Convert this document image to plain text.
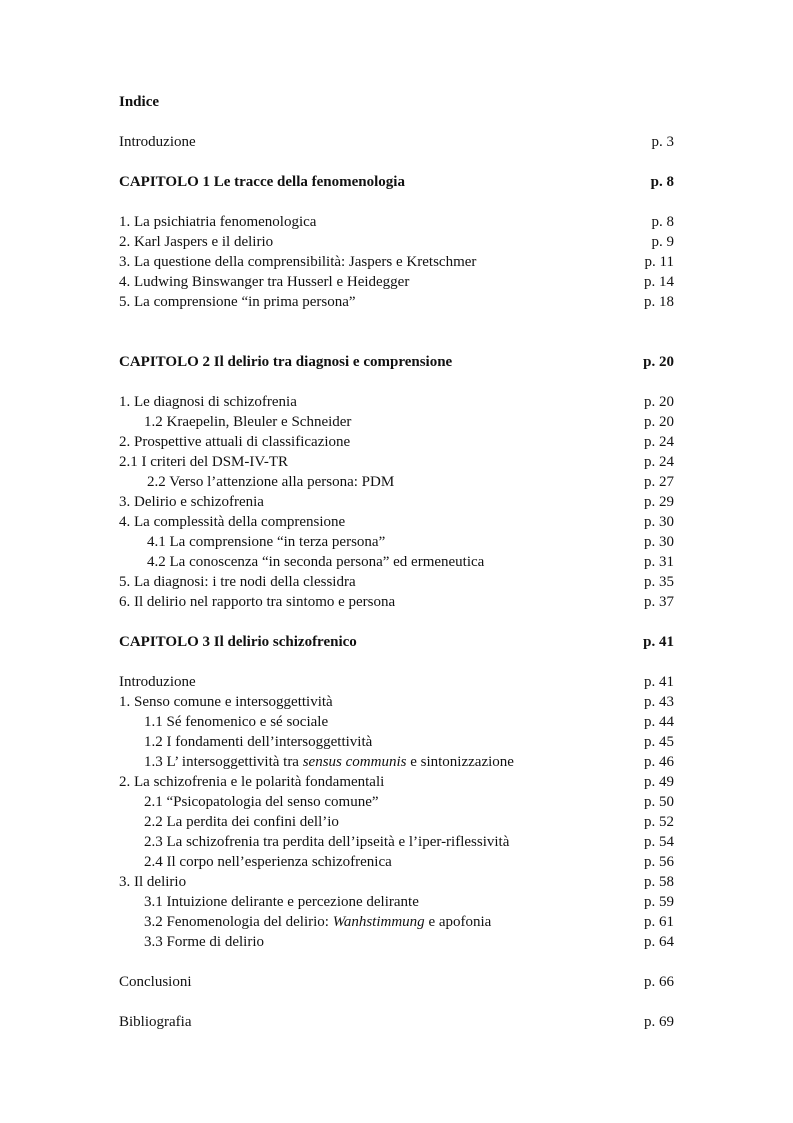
Indice
Introduzione	p. 3
CAPITOLO 1 Le tracce della fenomenologia	p. 8
1. La psichiatria fenomenologica	p. 8
2. Karl Jaspers e il delirio	p. 9
3. La questione della comprensibilità: Jaspers e Kretschmer	p. 11
4. Ludwing Binswanger tra Husserl e Heidegger	p. 14
5. La comprensione “in prima persona”	p. 18
CAPITOLO 2 Il delirio tra diagnosi e comprensione	p. 20
1. Le diagnosi di schizofrenia	p. 20
1.2 Kraepelin, Bleuler e Schneider	p. 20
2. Prospettive attuali di classificazione	p. 24
2.1 I criteri del DSM-IV-TR	p. 24
2.2 Verso l’attenzione alla persona: PDM	p. 27
3. Delirio e schizofrenia	p. 29
4. La complessità della comprensione	p. 30
4.1 La comprensione “in terza persona”	p. 30
4.2 La conoscenza “in seconda persona” ed ermeneutica	p. 31
5. La diagnosi: i tre nodi della clessidra	p. 35
6. Il delirio nel rapporto tra sintomo e persona	p. 37
CAPITOLO 3 Il delirio schizofrenico	p. 41
Introduzione	p. 41
1. Senso comune e intersoggettività	p. 43
1.1 Sé fenomenico e sé sociale	p. 44
1.2 I fondamenti dell’intersoggettività	p. 45
1.3 L’ intersoggettività tra sensus communis e sintonizzazione	p. 46
2. La schizofrenia e le polarità fondamentali	p. 49
2.1 “Psicopatologia del senso comune”	p. 50
2.2 La perdita dei confini dell’io	p. 52
2.3 La schizofrenia tra perdita dell’ipseità e l’iper-riflessività	p. 54
2.4 Il corpo nell’esperienza schizofrenica	p. 56
3. Il delirio	p. 58
3.1 Intuizione delirante e percezione delirante	p. 59
3.2 Fenomenologia del delirio: Wanhstimmung e apofonia	p. 61
3.3 Forme di delirio	p. 64
Conclusioni	p. 66
Bibliografia	p. 69
